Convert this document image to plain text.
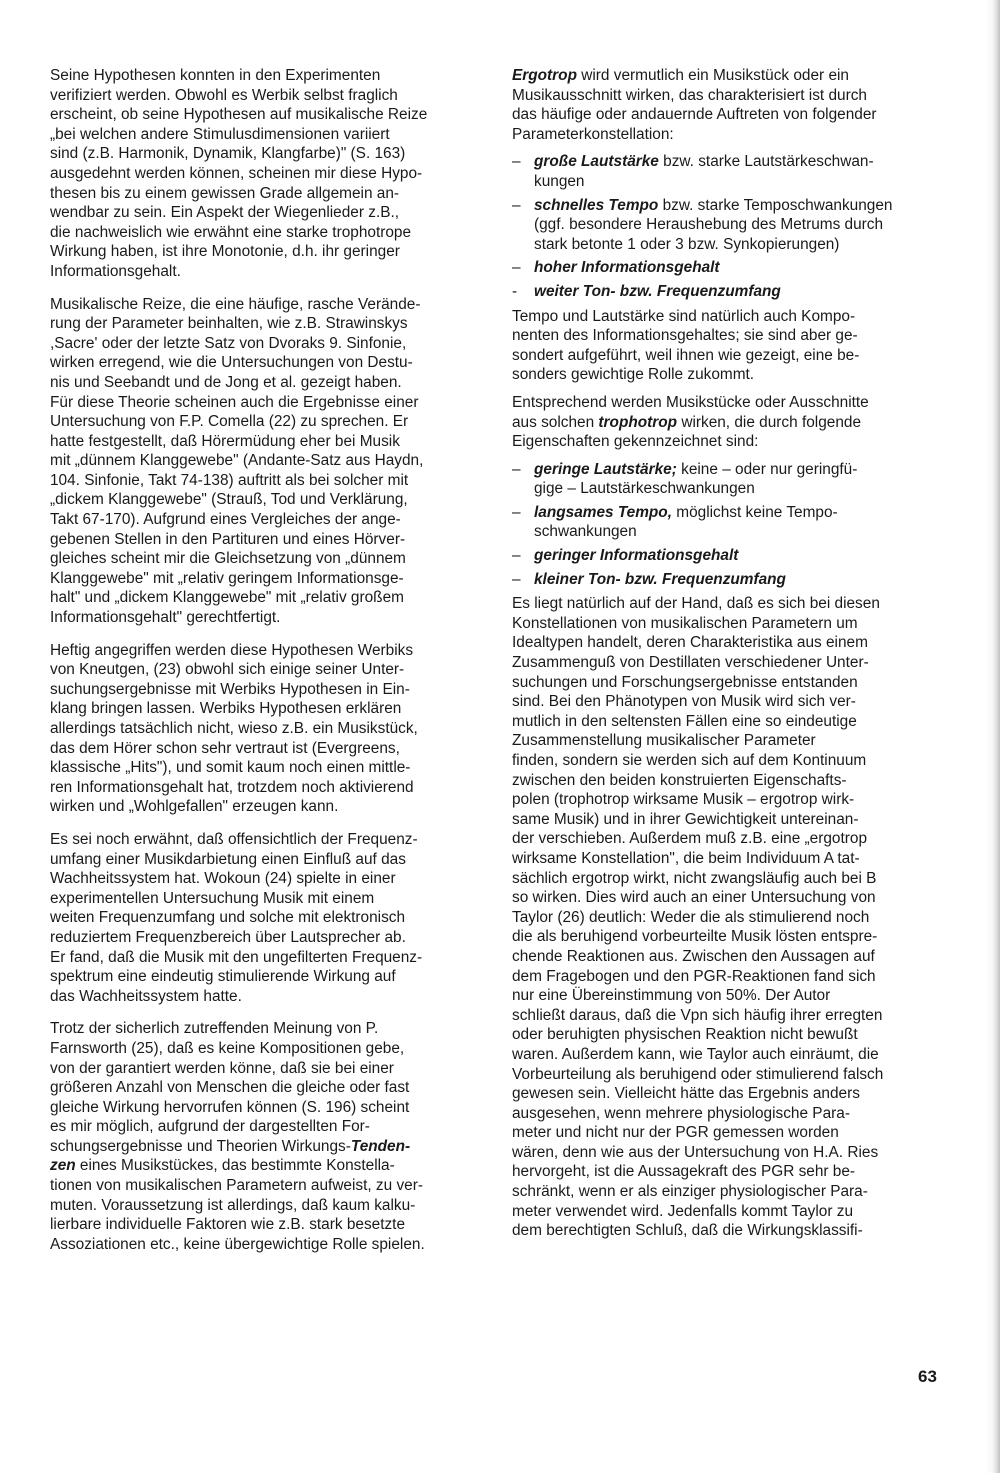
Seine Hypothesen konnten in den Experimenten
verifiziert werden. Obwohl es Werbik selbst fraglich
erscheint, ob seine Hypothesen auf musikalische Reize
„bei welchen andere Stimulusdimensionen variiert
sind (z.B. Harmonik, Dynamik, Klangfarbe)" (S. 163)
ausgedehnt werden können, scheinen mir diese Hypo-
thesen bis zu einem gewissen Grade allgemein an-
wendbar zu sein. Ein Aspekt der Wiegenlieder z.B.,
die nachweislich wie erwähnt eine starke trophotrope
Wirkung haben, ist ihre Monotonie, d.h. ihr geringer
Informationsgehalt.

Musikalische Reize, die eine häufige, rasche Verände-
rung der Parameter beinhalten, wie z.B. Strawinskys
,Sacre' oder der letzte Satz von Dvoraks 9. Sinfonie,
wirken erregend, wie die Untersuchungen von Destu-
nis und Seebandt und de Jong et al. gezeigt haben.
Für diese Theorie scheinen auch die Ergebnisse einer
Untersuchung von F.P. Comella (22) zu sprechen. Er
hatte festgestellt, daß Hörermüdung eher bei Musik
mit „dünnem Klanggewebe" (Andante-Satz aus Haydn,
104. Sinfonie, Takt 74-138) auftritt als bei solcher mit
„dickem Klanggewebe" (Strauß, Tod und Verklärung,
Takt 67-170). Aufgrund eines Vergleiches der ange-
gebenen Stellen in den Partituren und eines Hörver-
gleiches scheint mir die Gleichsetzung von „dünnem
Klanggewebe" mit „relativ geringem Informationsge-
halt" und „dickem Klanggewebe" mit „relativ großem
Informationsgehalt" gerechtfertigt.

Heftig angegriffen werden diese Hypothesen Werbiks
von Kneutgen, (23) obwohl sich einige seiner Unter-
suchungsergebnisse mit Werbiks Hypothesen in Ein-
klang bringen lassen. Werbiks Hypothesen erklären
allerdings tatsächlich nicht, wieso z.B. ein Musikstück,
das dem Hörer schon sehr vertraut ist (Evergreens,
klassische „Hits"), und somit kaum noch einen mittle-
ren Informationsgehalt hat, trotzdem noch aktivierend
wirken und „Wohlgefallen" erzeugen kann.

Es sei noch erwähnt, daß offensichtlich der Frequenz-
umfang einer Musikdarbietung einen Einfluß auf das
Wachheitssystem hat. Wokoun (24) spielte in einer
experimentellen Untersuchung Musik mit einem
weiten Frequenzumfang und solche mit elektronisch
reduziertem Frequenzbereich über Lautsprecher ab.
Er fand, daß die Musik mit den ungefilterten Frequenz-
spektrum eine eindeutig stimulierende Wirkung auf
das Wachheitssystem hatte.

Trotz der sicherlich zutreffenden Meinung von P.
Farnsworth (25), daß es keine Kompositionen gebe,
von der garantiert werden könne, daß sie bei einer
größeren Anzahl von Menschen die gleiche oder fast
gleiche Wirkung hervorrufen können (S. 196) scheint
es mir möglich, aufgrund der dargestellten For-
schungsergebnisse und Theorien Wirkungs-Tenden-
zen eines Musikstückes, das bestimmte Konstella-
tionen von musikalischen Parametern aufweist, zu ver-
muten. Voraussetzung ist allerdings, daß kaum kalku-
lierbare individuelle Faktoren wie z.B. stark besetzte
Assoziationen etc., keine übergewichtige Rolle spielen.

Ergotrop wird vermutlich ein Musikstück oder ein
Musikausschnitt wirken, das charakterisiert ist durch
das häufige oder andauernde Auftreten von folgender
Parameterkonstellation:

– große Lautstärke bzw. starke Lautstärkeschwan-
kungen
– schnelles Tempo bzw. starke Temposchwankungen
(ggf. besondere Heraushebung des Metrums durch
stark betonte 1 oder 3 bzw. Synkopierungen)
– hoher Informationsgehalt
-	weiter Ton- bzw. Frequenzumfang

Tempo und Lautstärke sind natürlich auch Kompo-
nenten des Informationsgehaltes; sie sind aber ge-
sondert aufgeführt, weil ihnen wie gezeigt, eine be-
sonders gewichtige Rolle zukommt.

Entsprechend werden Musikstücke oder Ausschnitte
aus solchen trophotrop wirken, die durch folgende
Eigenschaften gekennzeichnet sind:

– geringe Lautstärke; keine – oder nur geringfü-
gige – Lautstärkeschwankungen
– langsames Tempo, möglichst keine Tempo-
schwankungen
– geringer Informationsgehalt
– kleiner Ton- bzw. Frequenzumfang

Es liegt natürlich auf der Hand, daß es sich bei diesen
Konstellationen von musikalischen Parametern um
Idealtypen handelt, deren Charakteristika aus einem
Zusammenguß von Destillaten verschiedener Unter-
suchungen und Forschungsergebnisse entstanden
sind. Bei den Phänotypen von Musik wird sich ver-
mutlich in den seltensten Fällen eine so eindeutige
Zusammenstellung musikalischer Parameter
finden, sondern sie werden sich auf dem Kontinuum
zwischen den beiden konstruierten Eigenschafts-
polen (trophotrop wirksame Musik – ergotrop wirk-
same Musik) und in ihrer Gewichtigkeit untereinan-
der verschieben. Außerdem muß z.B. eine „ergotrop
wirksame Konstellation", die beim Individuum A tat-
sächlich ergotrop wirkt, nicht zwangsläufig auch bei B
so wirken. Dies wird auch an einer Untersuchung von
Taylor (26) deutlich: Weder die als stimulierend noch
die als beruhigend vorbeurteilte Musik lösten entspre-
chende Reaktionen aus. Zwischen den Aussagen auf
dem Fragebogen und den PGR-Reaktionen fand sich
nur eine Übereinstimmung von 50%. Der Autor
schließt daraus, daß die Vpn sich häufig ihrer erregten
oder beruhigten physischen Reaktion nicht bewußt
waren. Außerdem kann, wie Taylor auch einräumt, die
Vorbeurteilung als beruhigend oder stimulierend falsch
gewesen sein. Vielleicht hätte das Ergebnis anders
ausgesehen, wenn mehrere physiologische Para-
meter und nicht nur der PGR gemessen worden
wären, denn wie aus der Untersuchung von H.A. Ries
hervorgeht, ist die Aussagekraft des PGR sehr be-
schränkt, wenn er als einziger physiologischer Para-
meter verwendet wird. Jedenfalls kommt Taylor zu
dem berechtigten Schluß, daß die Wirkungsklassifi-

63
